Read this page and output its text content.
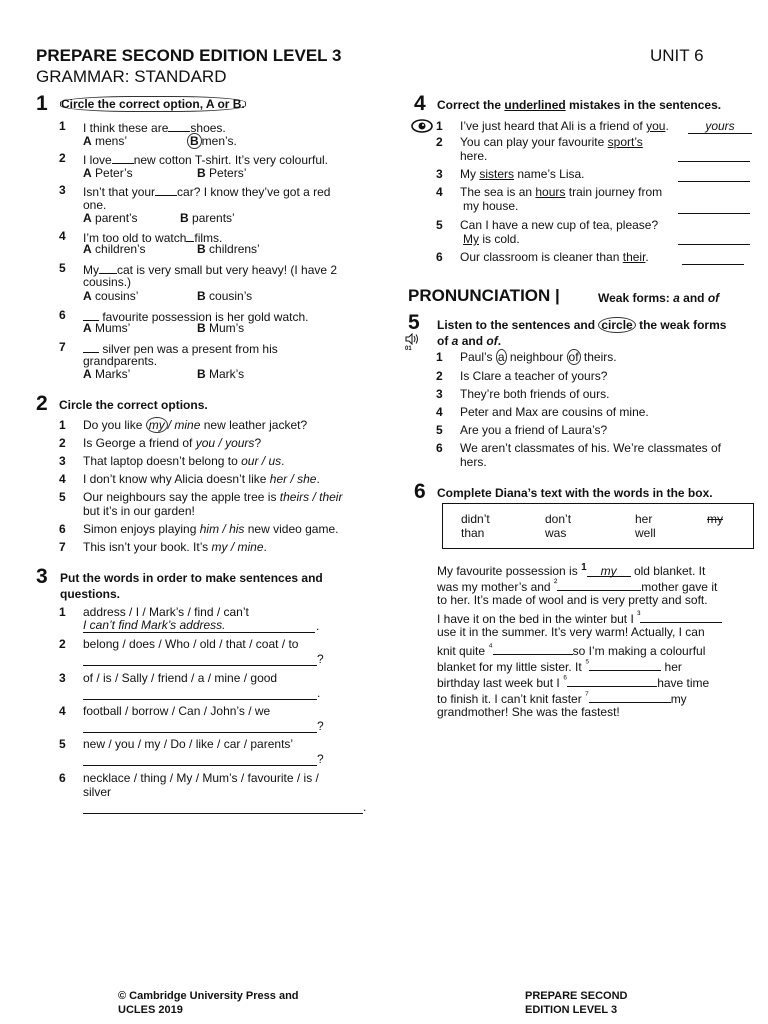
PREPARE SECOND EDITION LEVEL 3	UNIT 6
GRAMMAR: STANDARD
1 Circle the correct option, A or B.
1 I think these are shoes.
A mens’	B men’s.
2 I love new cotton T-shirt. It’s very colourful.
A Peter’s	B Peters’
3 Isn’t that your car? I know they’ve got a red
one.
A parent’s	B parents’
4 I’m too old to watch films.
A children’s	B childrens’
5 My cat is very small but very heavy! (I have 2
cousins.)
A cousins’	B cousin’s
6	favourite possession is her gold watch.
A Mums’	B Mum’s
7	silver pen was a present from his
grandparents.
A Marks’	B Mark’s
2 Circle the correct options.
1 Do you like my / mine new leather jacket?
2 Is George a friend of you / yours?
3 That laptop doesn’t belong to our / us.
4 I don’t know why Alicia doesn’t like her / she.
5 Our neighbours say the apple tree is theirs / their
but it’s in our garden!
6 Simon enjoys playing him / his new video game.
7 This isn’t your book. It’s my / mine.
3 Put the words in order to make sentences and
questions.
1 address / I / Mark’s / find / can’t
I can’t find Mark’s address.	.
2 belong / does / Who / old / that / coat / to
?
3 of / is / Sally / friend / a / mine / good
.
4 football / borrow / Can / John’s / we
?
5 new / you / my / Do / like / car / parents’
?
6 necklace / thing / My / Mum’s / favourite / is /
silver
.
4 Correct the underlined mistakes in the sentences.
1 I’ve just heard that Ali is a friend of you.	yours
2 You can play your favourite sport’s
here.
3 My sisters name’s Lisa.
4 The sea is an hours train journey from
my house.
5 Can I have a new cup of tea, please?
My is cold.
6 Our classroom is cleaner than their.
PRONUNCIATION |	Weak forms: a and of
5 Listen to the sentences and circle the weak forms
of a and of.
01
1 Paul’s a neighbour of theirs.
2 Is Clare a teacher of yours?
3 They’re both friends of ours.
4 Peter and Max are cousins of mine.
5 Are you a friend of Laura’s?
6 We aren’t classmates of his. We’re classmates of
hers.
6 Complete Diana’s text with the words in the box.
didn’t	don’t	her	my
than	was	well
My favourite possession is $^1$ my old blanket. It
was my mother’s and $^{^2}$	mother gave it
to her. It’s made of wool and is very pretty and soft.
I have it on the bed in the winter but I $^{^3}$
use it in the summer. It’s very warm! Actually, I can
knit quite $^{^4}$	so I’m making a colourful
blanket for my little sister. It $^{^5}$	her
birthday last week but I $^{^6}$	have time
to finish it. I can’t knit faster $^{^7}$	my
grandmother! She was the fastest!
© Cambridge University Press and
UCLES 2019
PREPARE SECOND
EDITION LEVEL 3
